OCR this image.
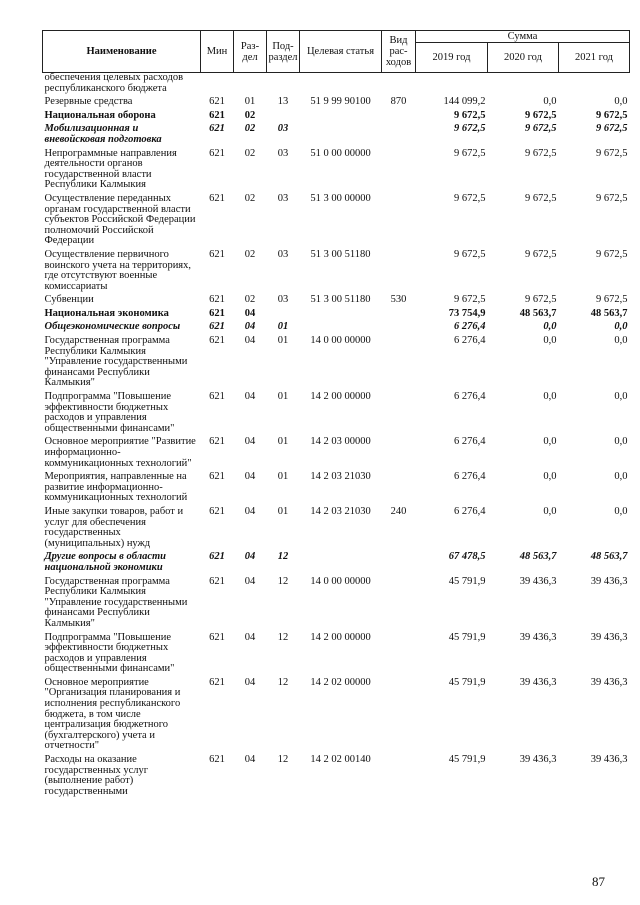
Наименование	Мин	Раз-дел	Под-раздел	Целевая статья	Вид рас-ходов	Сумма		
						2019 год	2020 год	2021 год
обеспечения целевых расходов республиканского бюджета								
Резервные средства	621	01	13	51 9 99 90100	870	144 099,2	0,0	0,0
Национальная оборона	621	02				9 672,5	9 672,5	9 672,5
Мобилизационная и вневойсковая подготовка	621	02	03			9 672,5	9 672,5	9 672,5
Непрограммные направления деятельности органов государственной власти Республики Калмыкия	621	02	03	51 0 00 00000		9 672,5	9 672,5	9 672,5
Осуществление переданных органам государственной власти субъектов Российской Федерации полномочий Российской Федерации	621	02	03	51 3 00 00000		9 672,5	9 672,5	9 672,5
Осуществление первичного воинского учета на территориях, где отсутствуют военные комиссариаты	621	02	03	51 3 00 51180		9 672,5	9 672,5	9 672,5
Субвенции	621	02	03	51 3 00 51180	530	9 672,5	9 672,5	9 672,5
Национальная экономика	621	04				73 754,9	48 563,7	48 563,7
Общеэкономические вопросы	621	04	01			6 276,4	0,0	0,0
Государственная программа Республики Калмыкия "Управление государственными финансами Республики Калмыкия"	621	04	01	14 0 00 00000		6 276,4	0,0	0,0
Подпрограмма "Повышение эффективности бюджетных расходов и управления общественными финансами"	621	04	01	14 2 00 00000		6 276,4	0,0	0,0
Основное мероприятие "Развитие информационно-коммуникационных технологий"	621	04	01	14 2 03 00000		6 276,4	0,0	0,0
Мероприятия, направленные на развитие информационно-коммуникационных технологий	621	04	01	14 2 03 21030		6 276,4	0,0	0,0
Иные закупки товаров, работ и услуг для обеспечения государственных (муниципальных) нужд	621	04	01	14 2 03 21030	240	6 276,4	0,0	0,0
Другие вопросы в области национальной экономики	621	04	12			67 478,5	48 563,7	48 563,7
Государственная программа Республики Калмыкия "Управление государственными финансами Республики Калмыкия"	621	04	12	14 0 00 00000		45 791,9	39 436,3	39 436,3
Подпрограмма "Повышение эффективности бюджетных расходов и управления общественными финансами"	621	04	12	14 2 00 00000		45 791,9	39 436,3	39 436,3
Основное мероприятие "Организация планирования и исполнения республиканского бюджета, в том числе централизация бюджетного (бухгалтерского) учета и отчетности"	621	04	12	14 2 02 00000		45 791,9	39 436,3	39 436,3
Расходы на оказание государственных услуг (выполнение работ) государственными	621	04	12	14 2 02 00140		45 791,9	39 436,3	39 436,3
87
